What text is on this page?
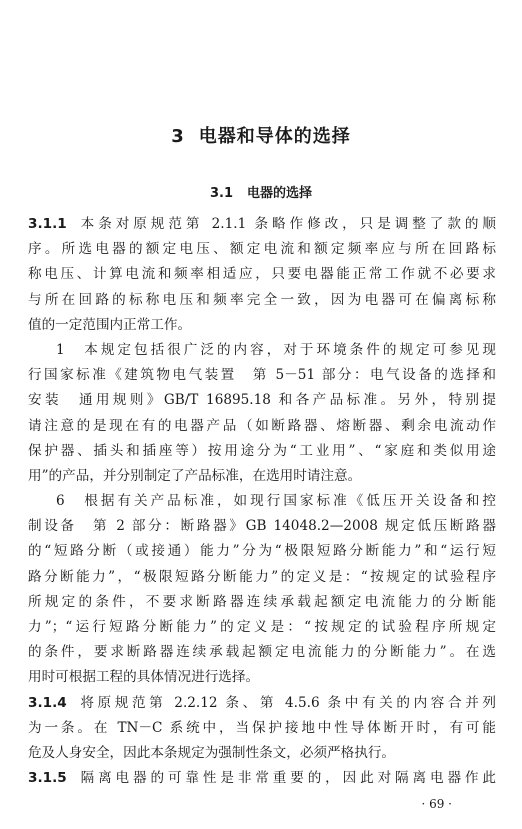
3 电器和导体的选择
3.1 电器的选择
3.1.1 本条对原规范第 2.1.1 条略作修改，只是调整了款的顺
序。所选电器的额定电压、额定电流和额定频率应与所在回路标
称电压、计算电流和频率相适应，只要电器能正常工作就不必要求
与所在回路的标称电压和频率完全一致，因为电器可在偏离标称
值的一定范围内正常工作。
1　本规定包括很广泛的内容，对于环境条件的规定可参见现
行国家标准《建筑物电气装置　第 5－51 部分：电气设备的选择和
安装　通用规则》GB/T 16895.18 和各产品标准。另外，特别提
请注意的是现在有的电器产品（如断路器、熔断器、剩余电流动作
保护器、插头和插座等）按用途分为“工业用”、“家庭和类似用途
用”的产品，并分别制定了产品标准，在选用时请注意。
6　根据有关产品标准，如现行国家标准《低压开关设备和控
制设备　第 2 部分：断路器》GB 14048.2—2008 规定低压断路器
的“短路分断（或接通）能力”分为“极限短路分断能力”和“运行短
路分断能力”，“极限短路分断能力”的定义是：“按规定的试验程序
所规定的条件，不要求断路器连续承载起额定电流能力的分断能
力”；“运行短路分断能力”的定义是：“按规定的试验程序所规定
的条件，要求断路器连续承载起额定电流能力的分断能力”。在选
用时可根据工程的具体情况进行选择。
3.1.4 将原规范第 2.2.12 条、第 4.5.6 条中有关的内容合并列
为一条。在 TN－C 系统中，当保护接地中性导体断开时，有可能
危及人身安全，因此本条规定为强制性条文，必须严格执行。
3.1.5 隔离电器的可靠性是非常重要的，因此对隔离电器作此
· 69 ·
